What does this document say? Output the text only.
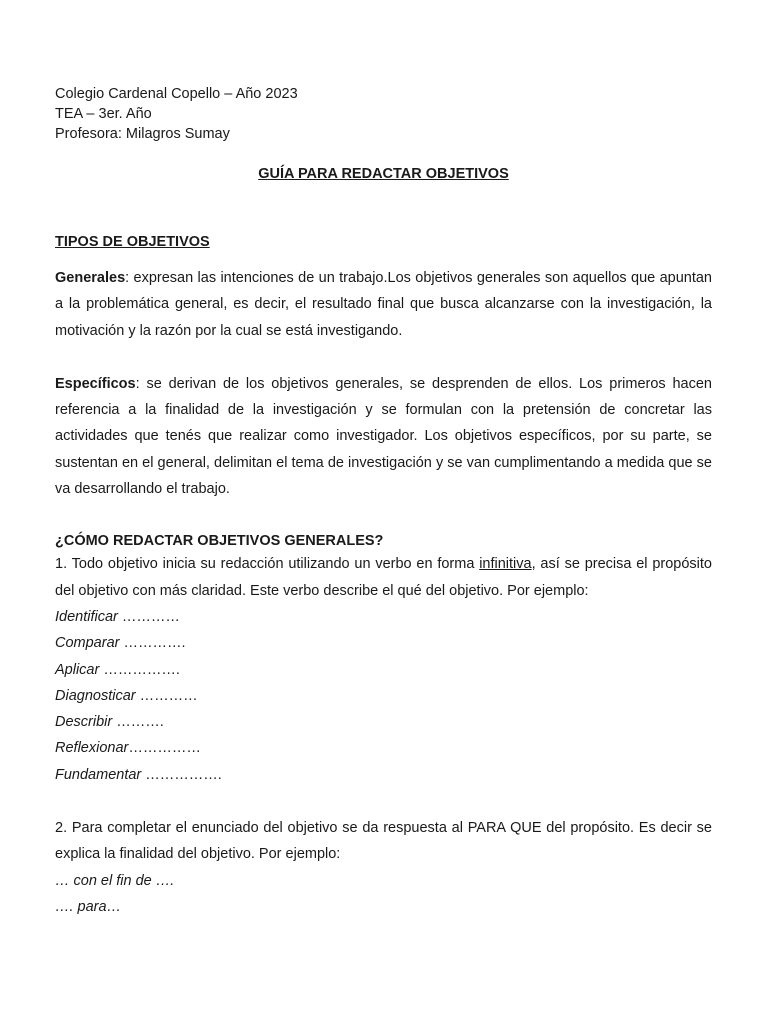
Colegio Cardenal Copello – Año 2023

TEA – 3er. Año

Profesora: Milagros Sumay

GUÍA PARA REDACTAR OBJETIVOS

TIPOS DE OBJETIVOS

Generales: expresan las intenciones de un trabajo.Los objetivos generales son aquellos que apuntan a la problemática general, es decir, el resultado final que busca alcanzarse con la investigación, la motivación y la razón por la cual se está investigando.

Específicos: se derivan de los objetivos generales, se desprenden de ellos. Los primeros hacen referencia a la finalidad de la investigación y se formulan con la pretensión de concretar las actividades que tenés que realizar como investigador. Los objetivos específicos, por su parte, se sustentan en el general, delimitan el tema de investigación y se van cumplimentando a medida que se va desarrollando el trabajo.

¿CÓMO REDACTAR OBJETIVOS GENERALES?

1. Todo objetivo inicia su redacción utilizando un verbo en forma infinitiva, así se precisa el propósito del objetivo con más claridad. Este verbo describe el qué del objetivo. Por ejemplo:

Identificar …………

Comparar ………….

Aplicar …………….

Diagnosticar …………

Describir ……….

Reflexionar……………

Fundamentar …………….

2. Para completar el enunciado del objetivo se da respuesta al PARA QUE del propósito. Es decir se explica la finalidad del objetivo. Por ejemplo:

… con el fin de ….

…. para…
